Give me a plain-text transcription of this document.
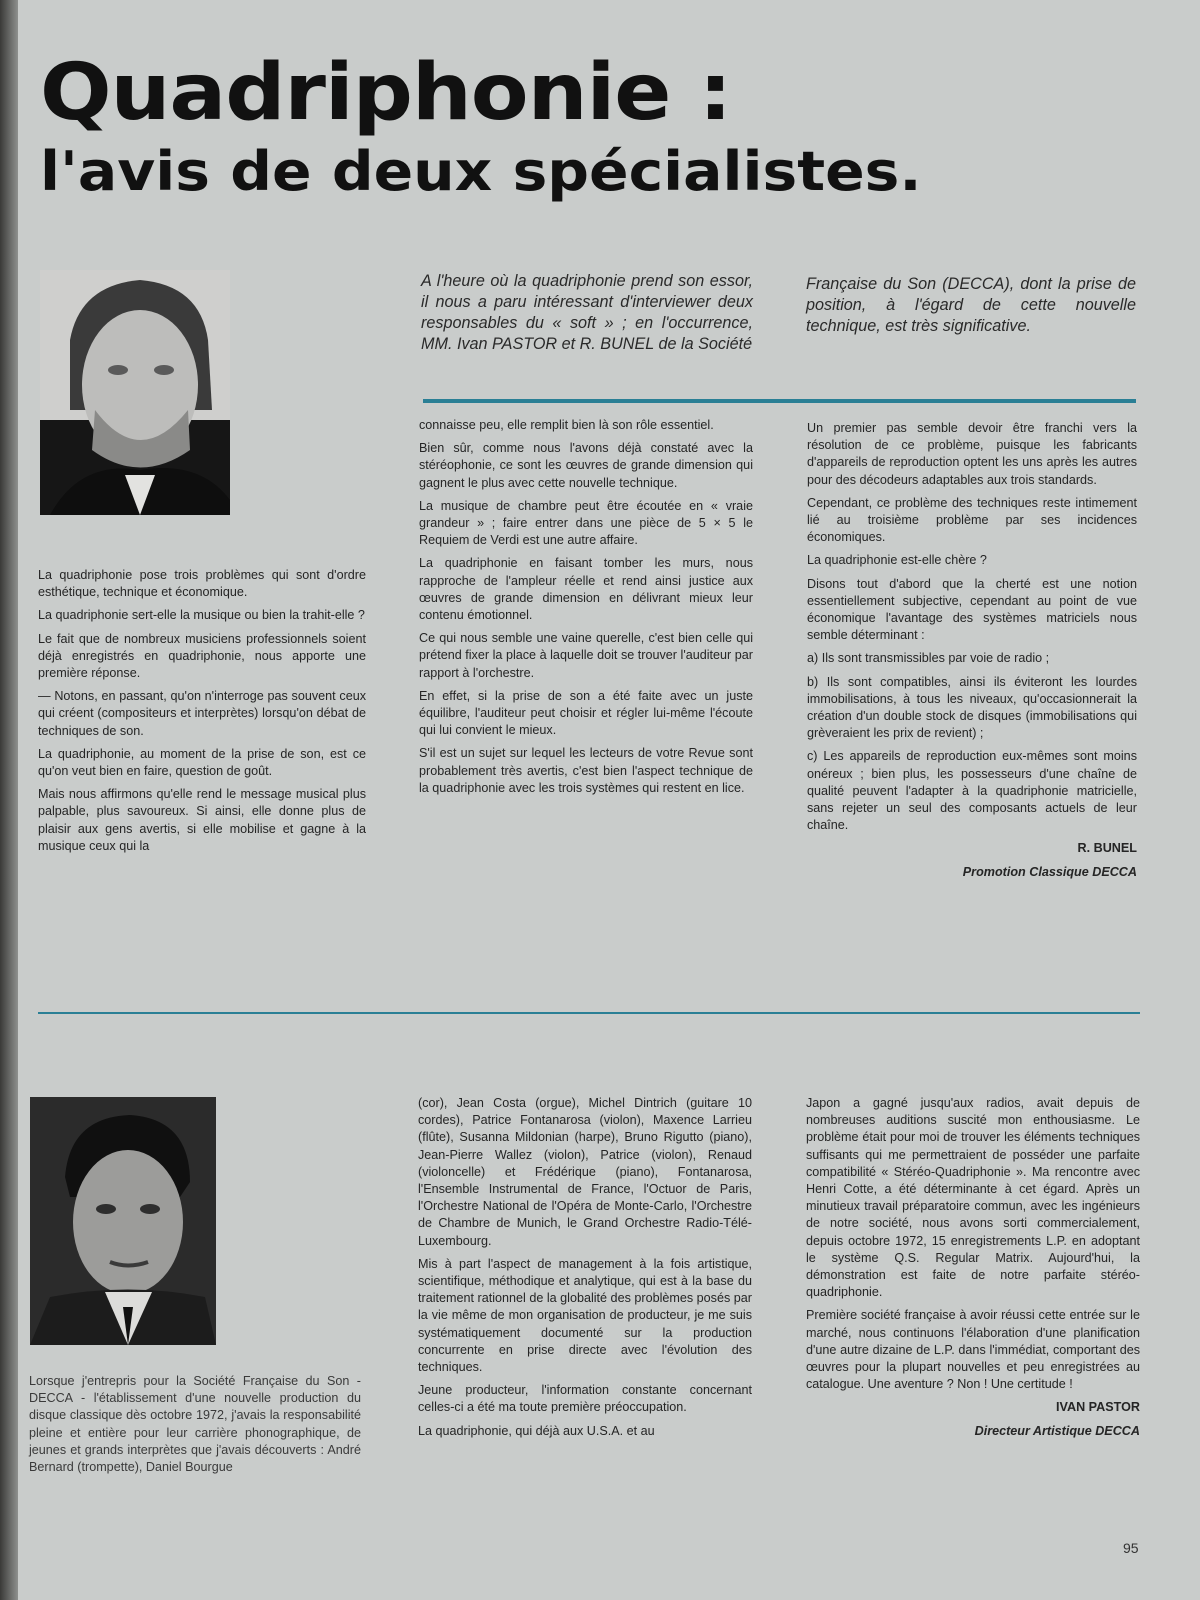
Quadriphonie :
l'avis de deux spécialistes.

A l'heure où la quadriphonie prend son essor, il nous a paru intéressant d'interviewer deux responsables du « soft » ; en l'occurrence, MM. Ivan PASTOR et R. BUNEL de la Société

Française du Son (DECCA), dont la prise de position, à l'égard de cette nouvelle technique, est très significative.

La quadriphonie pose trois problèmes qui sont d'ordre esthétique, technique et économique.

La quadriphonie sert-elle la musique ou bien la trahit-elle ?

Le fait que de nombreux musiciens professionnels soient déjà enregistrés en quadriphonie, nous apporte une première réponse.

— Notons, en passant, qu'on n'interroge pas souvent ceux qui créent (compositeurs et interprètes) lorsqu'on débat de techniques de son.

La quadriphonie, au moment de la prise de son, est ce qu'on veut bien en faire, question de goût.

Mais nous affirmons qu'elle rend le message musical plus palpable, plus savoureux. Si ainsi, elle donne plus de plaisir aux gens avertis, si elle mobilise et gagne à la musique ceux qui la

connaisse peu, elle remplit bien là son rôle essentiel.

Bien sûr, comme nous l'avons déjà constaté avec la stéréophonie, ce sont les œuvres de grande dimension qui gagnent le plus avec cette nouvelle technique.

La musique de chambre peut être écoutée en « vraie grandeur » ; faire entrer dans une pièce de 5 × 5 le Requiem de Verdi est une autre affaire.

La quadriphonie en faisant tomber les murs, nous rapproche de l'ampleur réelle et rend ainsi justice aux œuvres de grande dimension en délivrant mieux leur contenu émotionnel.

Ce qui nous semble une vaine querelle, c'est bien celle qui prétend fixer la place à laquelle doit se trouver l'auditeur par rapport à l'orchestre.

En effet, si la prise de son a été faite avec un juste équilibre, l'auditeur peut choisir et régler lui-même l'écoute qui lui convient le mieux.

S'il est un sujet sur lequel les lecteurs de votre Revue sont probablement très avertis, c'est bien l'aspect technique de la quadriphonie avec les trois systèmes qui restent en lice.

Un premier pas semble devoir être franchi vers la résolution de ce problème, puisque les fabricants d'appareils de reproduction optent les uns après les autres pour des décodeurs adaptables aux trois standards.

Cependant, ce problème des techniques reste intimement lié au troisième problème par ses incidences économiques.

La quadriphonie est-elle chère ?

Disons tout d'abord que la cherté est une notion essentiellement subjective, cependant au point de vue économique l'avantage des systèmes matriciels nous semble déterminant :

a) Ils sont transmissibles par voie de radio ;

b) Ils sont compatibles, ainsi ils éviteront les lourdes immobilisations, à tous les niveaux, qu'occasionnerait la création d'un double stock de disques (immobilisations qui grèveraient les prix de revient) ;

c) Les appareils de reproduction eux-mêmes sont moins onéreux ; bien plus, les possesseurs d'une chaîne de qualité peuvent l'adapter à la quadriphonie matricielle, sans rejeter un seul des composants actuels de leur chaîne.

R. BUNEL

Promotion Classique DECCA

Lorsque j'entrepris pour la Société Française du Son - DECCA - l'établissement d'une nouvelle production du disque classique dès octobre 1972, j'avais la responsabilité pleine et entière pour leur carrière phonographique, de jeunes et grands interprètes que j'avais découverts : André Bernard (trompette), Daniel Bourgue

(cor), Jean Costa (orgue), Michel Dintrich (guitare 10 cordes), Patrice Fontanarosa (violon), Maxence Larrieu (flûte), Susanna Mildonian (harpe), Bruno Rigutto (piano), Jean-Pierre Wallez (violon), Patrice (violon), Renaud (violoncelle) et Frédérique (piano), Fontanarosa, l'Ensemble Instrumental de France, l'Octuor de Paris, l'Orchestre National de l'Opéra de Monte-Carlo, l'Orchestre de Chambre de Munich, le Grand Orchestre Radio-Télé-Luxembourg.

Mis à part l'aspect de management à la fois artistique, scientifique, méthodique et analytique, qui est à la base du traitement rationnel de la globalité des problèmes posés par la vie même de mon organisation de producteur, je me suis systématiquement documenté sur la production concurrente en prise directe avec l'évolution des techniques.

Jeune producteur, l'information constante concernant celles-ci a été ma toute première préoccupation.

La quadriphonie, qui déjà aux U.S.A. et au

Japon a gagné jusqu'aux radios, avait depuis de nombreuses auditions suscité mon enthousiasme. Le problème était pour moi de trouver les éléments techniques suffisants qui me permettraient de posséder une parfaite compatibilité « Stéréo-Quadriphonie ». Ma rencontre avec Henri Cotte, a été déterminante à cet égard. Après un minutieux travail préparatoire commun, avec les ingénieurs de notre société, nous avons sorti commercialement, depuis octobre 1972, 15 enregistrements L.P. en adoptant le système Q.S. Regular Matrix. Aujourd'hui, la démonstration est faite de notre parfaite stéréo-quadriphonie.

Première société française à avoir réussi cette entrée sur le marché, nous continuons l'élaboration d'une planification d'une autre dizaine de L.P. dans l'immédiat, comportant des œuvres pour la plupart nouvelles et peu enregistrées au catalogue. Une aventure ? Non ! Une certitude !

IVAN PASTOR

Directeur Artistique DECCA

95
